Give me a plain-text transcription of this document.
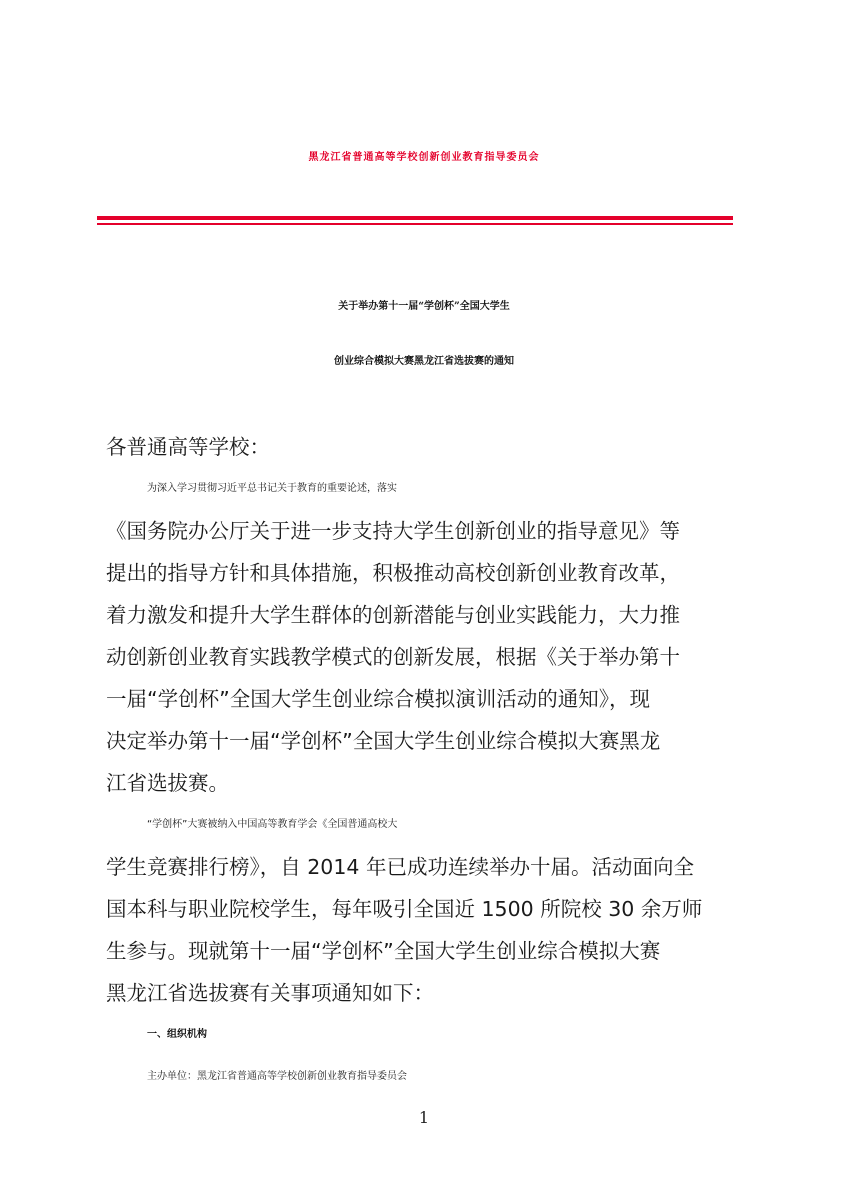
黑龙江省普通高等学校创新创业教育指导委员会
关于举办第十一届“学创杯”全国大学生
创业综合模拟大赛黑龙江省选拔赛的通知
各普通高等学校：
为深入学习贯彻习近平总书记关于教育的重要论述，落实
《国务院办公厅关于进一步支持大学生创新创业的指导意见》等
提出的指导方针和具体措施，积极推动高校创新创业教育改革，
着力激发和提升大学生群体的创新潜能与创业实践能力，大力推
动创新创业教育实践教学模式的创新发展，根据《关于举办第十
一届“学创杯”全国大学生创业综合模拟演训活动的通知》，现
决定举办第十一届“学创杯”全国大学生创业综合模拟大赛黑龙
江省选拔赛。
“学创杯”大赛被纳入中国高等教育学会《全国普通高校大
学生竞赛排行榜》，自 2014 年已成功连续举办十届。活动面向全
国本科与职业院校学生，每年吸引全国近 1500 所院校 30 余万师
生参与。现就第十一届“学创杯”全国大学生创业综合模拟大赛
黑龙江省选拔赛有关事项通知如下：
一、组织机构
主办单位：黑龙江省普通高等学校创新创业教育指导委员会
1
